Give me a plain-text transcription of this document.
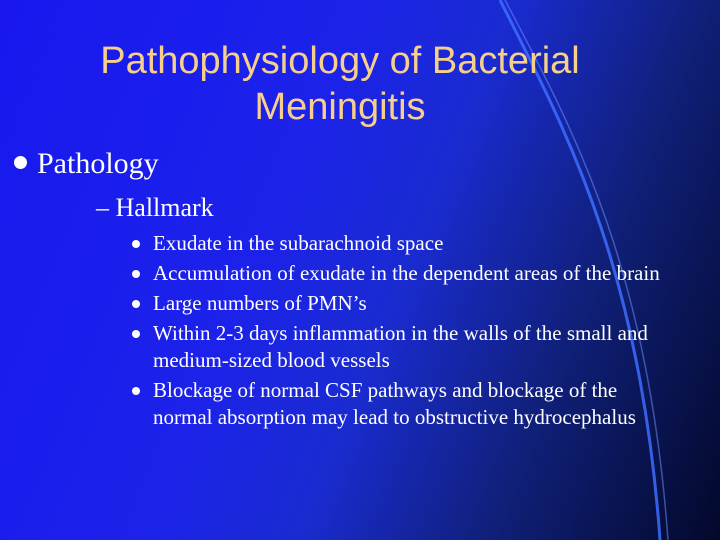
Pathophysiology of Bacterial Meningitis
Pathology
– Hallmark
Exudate in the subarachnoid space
Accumulation of exudate in the dependent areas of the brain
Large numbers of PMN’s
Within 2-3 days inflammation in the walls of the small and medium-sized blood vessels
Blockage of normal CSF pathways and blockage of the normal absorption may lead to obstructive hydrocephalus
